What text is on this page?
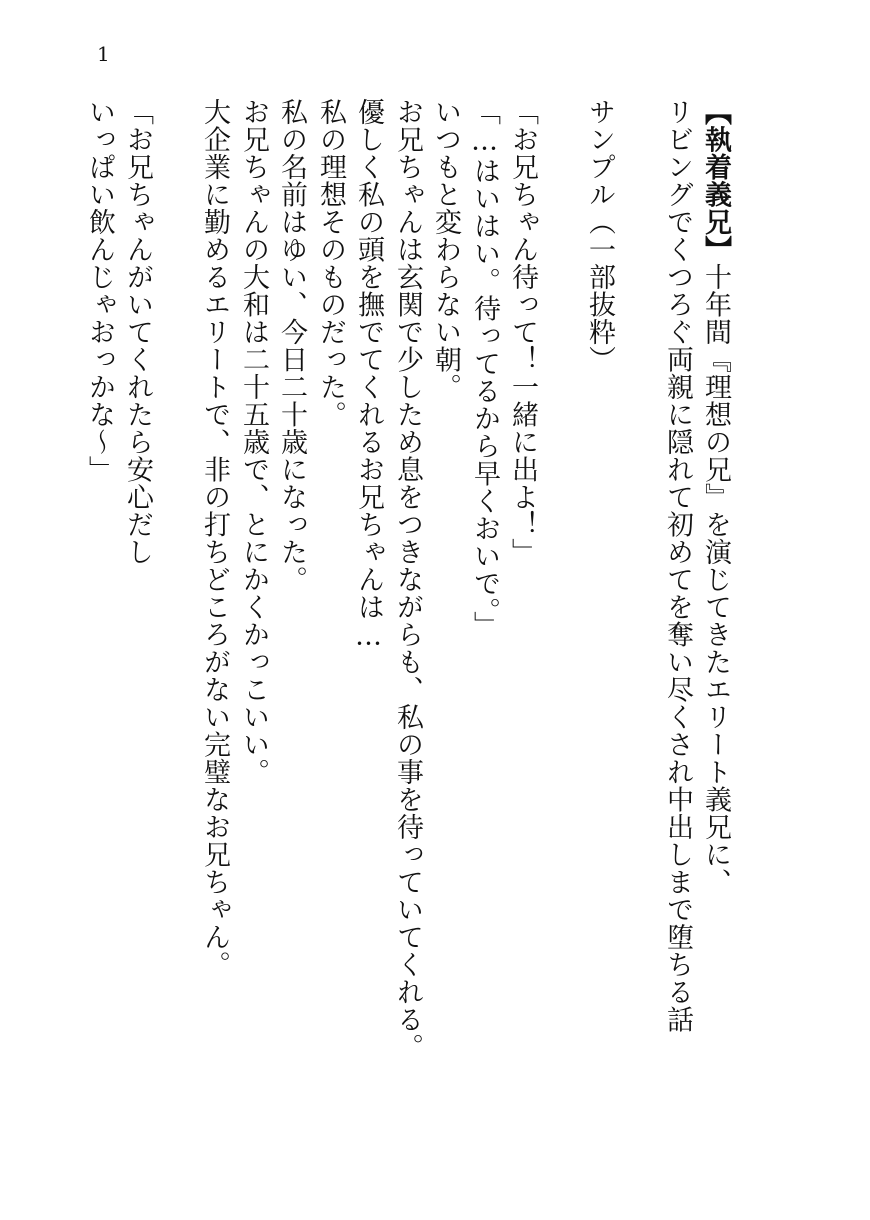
1
【執着義兄】十年間『理想の兄』を演じてきたエリート義兄に、
リビングでくつろぐ両親に隠れて初めてを奪い尽くされ中出しまで堕ちる話
サンプル（一部抜粋）
「お兄ちゃん待って！一緒に出よ！」
「…はいはい。待ってるから早くおいで。」
いつもと変わらない朝。
お兄ちゃんは玄関で少しため息をつきながらも、私の事を待っていてくれる。
優しく私の頭を撫でてくれるお兄ちゃんは…
私の理想そのものだった。
私の名前はゆい、今日二十歳になった。
お兄ちゃんの大和は二十五歳で、とにかくかっこいい。
大企業に勤めるエリートで、非の打ちどころがない完璧なお兄ちゃん。
「お兄ちゃんがいてくれたら安心だし
いっぱい飲んじゃおっかな～」
